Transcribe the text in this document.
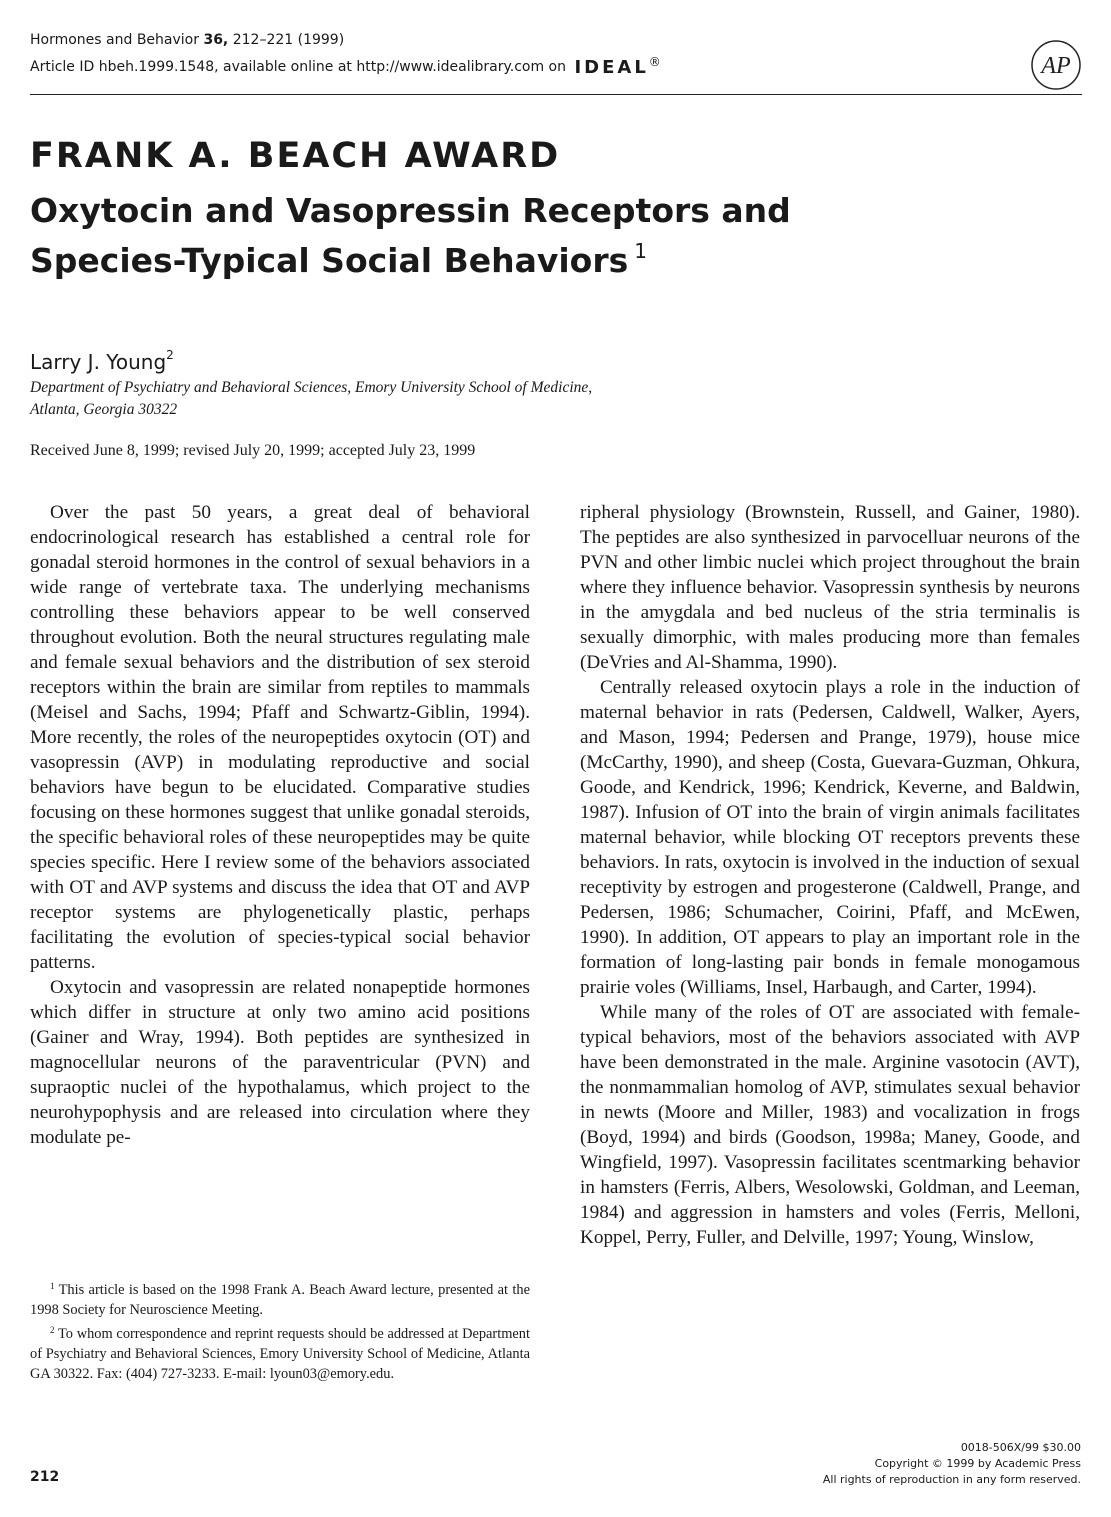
Hormones and Behavior 36, 212–221 (1999)
Article ID hbeh.1999.1548, available online at http://www.idealibrary.com on IDEAL®	AP
FRANK A. BEACH AWARD
Oxytocin and Vasopressin Receptors and Species-Typical Social Behaviors $^1$
Larry J. Young$^2$
Department of Psychiatry and Behavioral Sciences, Emory University School of Medicine,
Atlanta, Georgia 30322
Received June 8, 1999; revised July 20, 1999; accepted July 23, 1999

Over the past 50 years, a great deal of behavioral endocrinological research has established a central role for gonadal steroid hormones in the control of sexual behaviors in a wide range of vertebrate taxa. The underlying mechanisms controlling these behaviors appear to be well conserved throughout evolution. Both the neural structures regulating male and female sexual behaviors and the distribution of sex steroid receptors within the brain are similar from reptiles to mammals (Meisel and Sachs, 1994; Pfaff and Schwartz-Giblin, 1994). More recently, the roles of the neuropeptides oxytocin (OT) and vasopressin (AVP) in modulating reproductive and social behaviors have begun to be elucidated. Comparative studies focusing on these hormones suggest that unlike gonadal steroids, the specific behavioral roles of these neuropeptides may be quite species specific. Here I review some of the behaviors associated with OT and AVP systems and discuss the idea that OT and AVP receptor systems are phylogenetically plastic, perhaps facilitating the evolution of species-typical social behavior patterns.

Oxytocin and vasopressin are related nonapeptide hormones which differ in structure at only two amino acid positions (Gainer and Wray, 1994). Both peptides are synthesized in magnocellular neurons of the paraventricular (PVN) and supraoptic nuclei of the hypothalamus, which project to the neurohypophysis and are released into circulation where they modulate pe-

ripheral physiology (Brownstein, Russell, and Gainer, 1980). The peptides are also synthesized in parvocelluar neurons of the PVN and other limbic nuclei which project throughout the brain where they influence behavior. Vasopressin synthesis by neurons in the amygdala and bed nucleus of the stria terminalis is sexually dimorphic, with males producing more than females (DeVries and Al-Shamma, 1990).

Centrally released oxytocin plays a role in the induction of maternal behavior in rats (Pedersen, Caldwell, Walker, Ayers, and Mason, 1994; Pedersen and Prange, 1979), house mice (McCarthy, 1990), and sheep (Costa, Guevara-Guzman, Ohkura, Goode, and Kendrick, 1996; Kendrick, Keverne, and Baldwin, 1987). Infusion of OT into the brain of virgin animals facilitates maternal behavior, while blocking OT receptors prevents these behaviors. In rats, oxytocin is involved in the induction of sexual receptivity by estrogen and progesterone (Caldwell, Prange, and Pedersen, 1986; Schumacher, Coirini, Pfaff, and McEwen, 1990). In addition, OT appears to play an important role in the formation of long-lasting pair bonds in female monogamous prairie voles (Williams, Insel, Harbaugh, and Carter, 1994).

While many of the roles of OT are associated with female-typical behaviors, most of the behaviors associated with AVP have been demonstrated in the male. Arginine vasotocin (AVT), the nonmammalian homolog of AVP, stimulates sexual behavior in newts (Moore and Miller, 1983) and vocalization in frogs (Boyd, 1994) and birds (Goodson, 1998a; Maney, Goode, and Wingfield, 1997). Vasopressin facilitates scentmarking behavior in hamsters (Ferris, Albers, Wesolowski, Goldman, and Leeman, 1984) and aggression in hamsters and voles (Ferris, Melloni, Koppel, Perry, Fuller, and Delville, 1997; Young, Winslow,

$^1$ This article is based on the 1998 Frank A. Beach Award lecture, presented at the 1998 Society for Neuroscience Meeting.

$^2$ To whom correspondence and reprint requests should be addressed at Department of Psychiatry and Behavioral Sciences, Emory University School of Medicine, Atlanta GA 30322. Fax: (404) 727-3233. E-mail: lyoun03@emory.edu.

212
0018-506X/99 $30.00
Copyright © 1999 by Academic Press
All rights of reproduction in any form reserved.
